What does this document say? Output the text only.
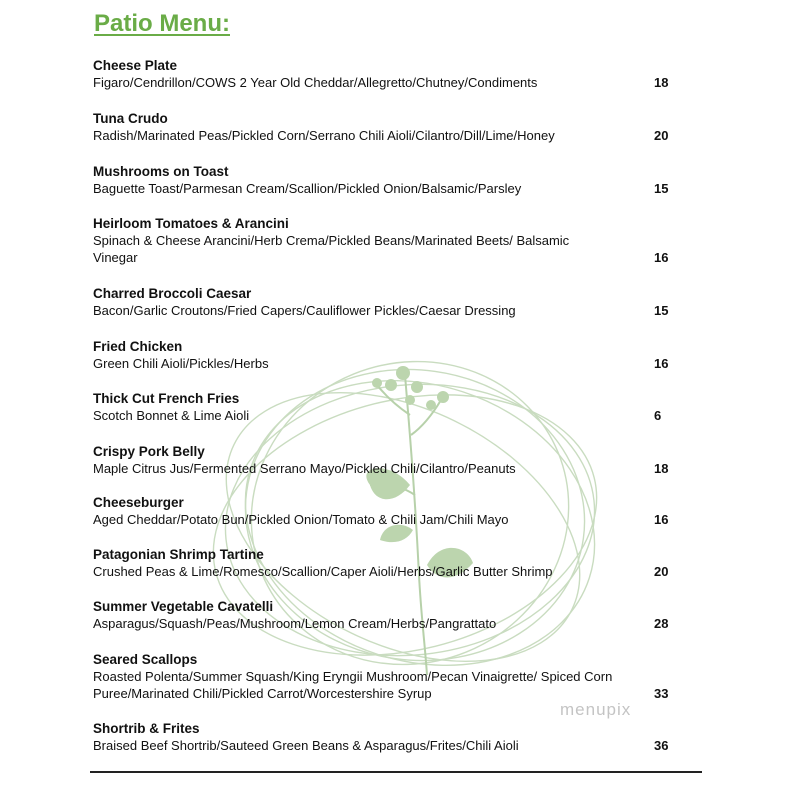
Patio Menu:
Cheese Plate
Figaro/Cendrillon/COWS 2 Year Old Cheddar/Allegretto/Chutney/Condiments	18
Tuna Crudo
Radish/Marinated Peas/Pickled Corn/Serrano Chili Aioli/Cilantro/Dill/Lime/Honey	20
Mushrooms on Toast
Baguette Toast/Parmesan Cream/Scallion/Pickled Onion/Balsamic/Parsley	15
Heirloom Tomatoes & Arancini
Spinach & Cheese Arancini/Herb Crema/Pickled Beans/Marinated Beets/ Balsamic Vinegar	16
Charred Broccoli Caesar
Bacon/Garlic Croutons/Fried Capers/Cauliflower Pickles/Caesar Dressing	15
Fried Chicken
Green Chili Aioli/Pickles/Herbs	16
Thick Cut French Fries
Scotch Bonnet & Lime Aioli	6
Crispy Pork Belly
Maple Citrus Jus/Fermented Serrano Mayo/Pickled Chili/Cilantro/Peanuts	18
Cheeseburger
Aged Cheddar/Potato Bun/Pickled Onion/Tomato & Chili Jam/Chili Mayo	16
Patagonian Shrimp Tartine
Crushed Peas & Lime/Romesco/Scallion/Caper Aioli/Herbs/Garlic Butter Shrimp	20
Summer Vegetable Cavatelli
Asparagus/Squash/Peas/Mushroom/Lemon Cream/Herbs/Pangrattato	28
Seared Scallops
Roasted Polenta/Summer Squash/King Eryngii Mushroom/Pecan Vinaigrette/ Spiced Corn Puree/Marinated Chili/Pickled Carrot/Worcestershire Syrup	33
Shortrib & Frites
Braised Beef Shortrib/Sauteed Green Beans & Asparagus/Frites/Chili Aioli	36
menupix
